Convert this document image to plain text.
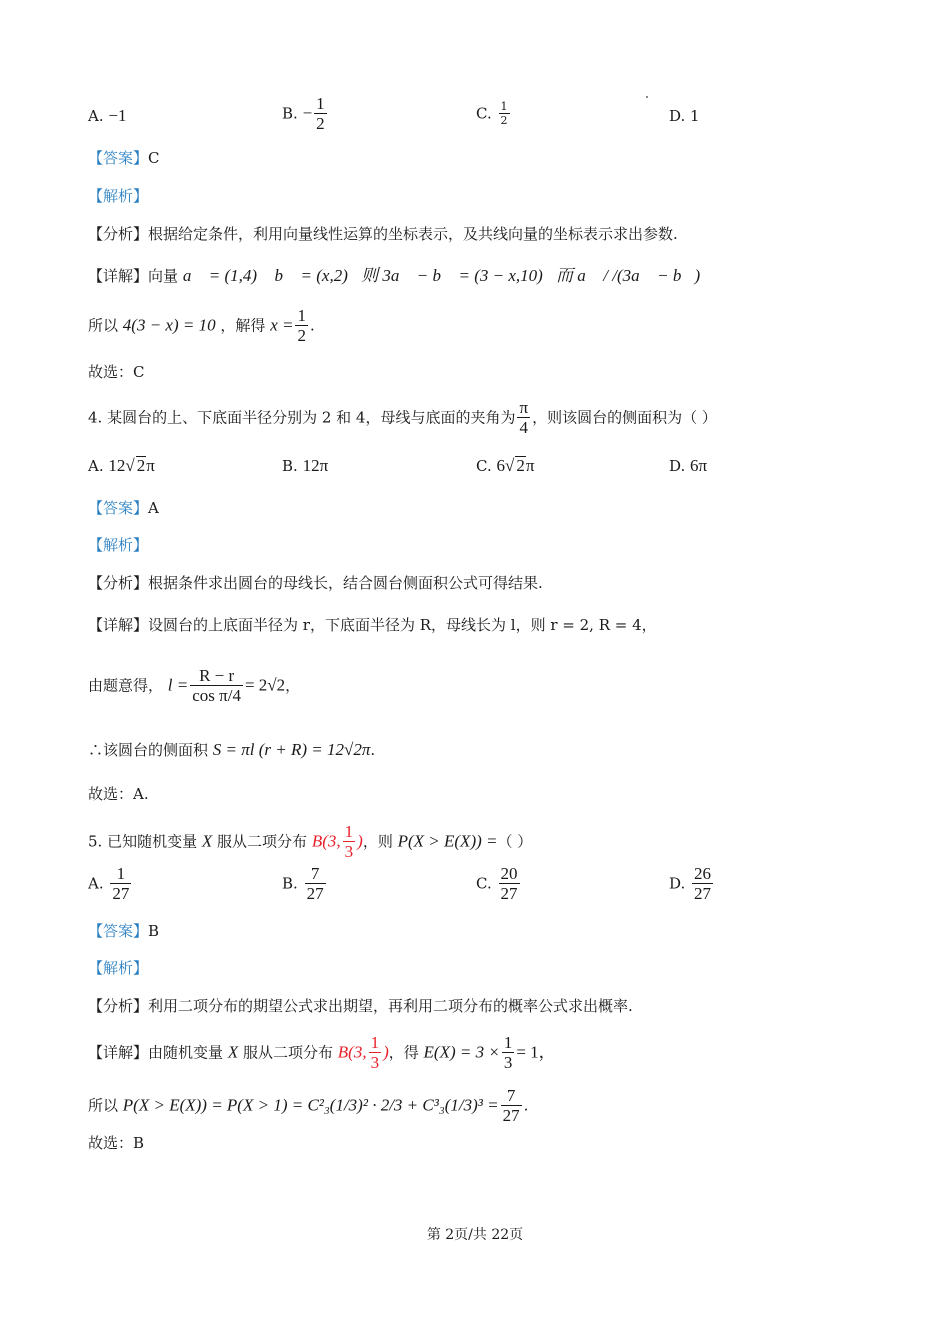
A. −1	B. − $\frac{1}{2}$	C. $\frac{1}{2}$	D. 1
【答案】C
【解析】
【分析】根据给定条件，利用向量线性运算的坐标表示，及共线向量的坐标表示求出参数.
【详解】向量 a⃗ = (1,4)， b⃗ = (x,2)，则 3a⃗ − b⃗ = (3 − x,10)，而 a⃗ / /(3a⃗ − b⃗)，
所以 4(3 − x) = 10 ，解得 $x = \frac{1}{2}$ .
故选：C
4. 某圆台的上、下底面半径分别为 2 和 4，母线与底面的夹角为 $\frac{\pi}{4}$ ，则该圆台的侧面积为（ ）
A. 12√ 2π	B. 12π	C. 6√ 2π	D. 6π
【答案】A
【解析】
【分析】根据条件求出圆台的母线长，结合圆台侧面积公式可得结果.
【详解】设圆台的上底面半径为 r，下底面半径为 R，母线长为 l，则 r = 2, R = 4，
由题意得， $l = \frac{R - r}{\text{cos π/4}} = 2√2$，
∴该圆台的侧面积 S = πl (r + R) = 12√2π.
故选：A.
5. 已知随机变量 X 服从二项分布 B(3, $\frac{1}{3}$ )，则 P(X > E(X)) =（ ）
A. $\frac{1}{27}$	B. $\frac{7}{27}$	C. $\frac{20}{27}$	D. $\frac{26}{27}$
【答案】B
【解析】
【分析】利用二项分布的期望公式求出期望，再利用二项分布的概率公式求出概率.
【详解】由随机变量 X 服从二项分布 B(3, $\frac{1}{3}$ )，得 $E(X) = 3 \times \frac{1}{3} = 1$，
所以 $P(X > E(X)) = P(X > 1) = C^2_3(1/3)^2 \cdot 2/3 + C^3_3(1/3)^3 = \frac{7}{27}$ .
故选：B
第 2页/共 22页
